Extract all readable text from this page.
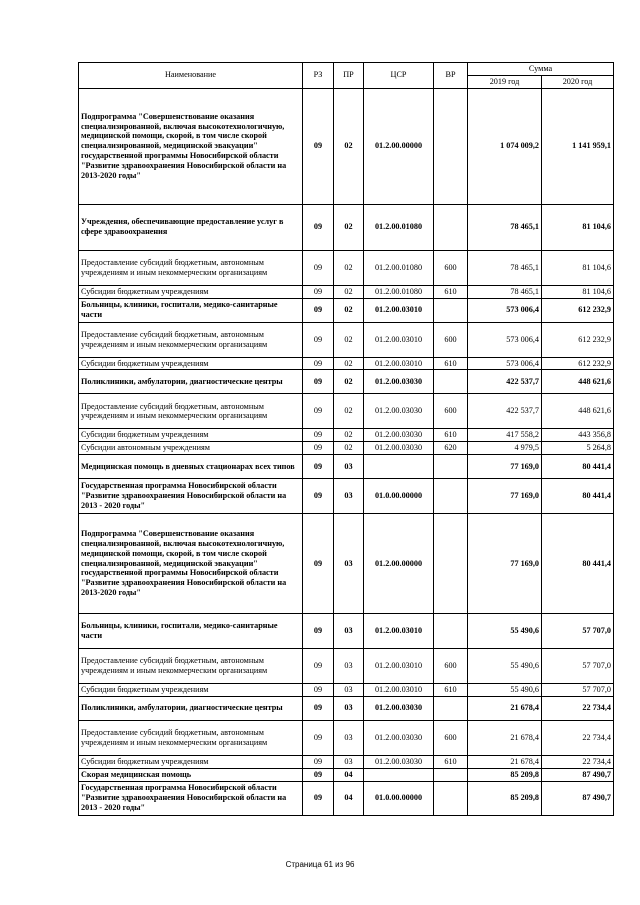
Наименование	РЗ	ПР	ЦСР	ВР	Сумма	
					2019 год	2020 год
Подпрограмма "Совершенствование оказания специализированной, включая высокотехнологичную, медицинской помощи, скорой, в том числе скорой специализированной, медицинской эвакуации" государственной программы Новосибирской области "Развитие здравоохранения Новосибирской области на 2013-2020 годы"	09	02	01.2.00.00000		1 074 009,2	1 141 959,1
Учреждения, обеспечивающие предоставление услуг в сфере здравоохранения	09	02	01.2.00.01080		78 465,1	81 104,6
Предоставление субсидий бюджетным, автономным учреждениям и иным некоммерческим организациям	09	02	01.2.00.01080	600	78 465,1	81 104,6
Субсидии бюджетным учреждениям	09	02	01.2.00.01080	610	78 465,1	81 104,6
Больницы, клиники, госпитали, медико-санитарные части	09	02	01.2.00.03010		573 006,4	612 232,9
Предоставление субсидий бюджетным, автономным учреждениям и иным некоммерческим организациям	09	02	01.2.00.03010	600	573 006,4	612 232,9
Субсидии бюджетным учреждениям	09	02	01.2.00.03010	610	573 006,4	612 232,9
Поликлиники, амбулатории, диагностические центры	09	02	01.2.00.03030		422 537,7	448 621,6
Предоставление субсидий бюджетным, автономным учреждениям и иным некоммерческим организациям	09	02	01.2.00.03030	600	422 537,7	448 621,6
Субсидии бюджетным учреждениям	09	02	01.2.00.03030	610	417 558,2	443 356,8
Субсидии автономным учреждениям	09	02	01.2.00.03030	620	4 979,5	5 264,8
Медицинская помощь в дневных стационарах всех типов	09	03			77 169,0	80 441,4
Государственная программа Новосибирской области "Развитие здравоохранения Новосибирской области на 2013 - 2020 годы"	09	03	01.0.00.00000		77 169,0	80 441,4
Подпрограмма "Совершенствование оказания специализированной, включая высокотехнологичную, медицинской помощи, скорой, в том числе скорой специализированной, медицинской эвакуации" государственной программы Новосибирской области "Развитие здравоохранения Новосибирской области на 2013-2020 годы"	09	03	01.2.00.00000		77 169,0	80 441,4
Больницы, клиники, госпитали, медико-санитарные части	09	03	01.2.00.03010		55 490,6	57 707,0
Предоставление субсидий бюджетным, автономным учреждениям и иным некоммерческим организациям	09	03	01.2.00.03010	600	55 490,6	57 707,0
Субсидии бюджетным учреждениям	09	03	01.2.00.03010	610	55 490,6	57 707,0
Поликлиники, амбулатории, диагностические центры	09	03	01.2.00.03030		21 678,4	22 734,4
Предоставление субсидий бюджетным, автономным учреждениям и иным некоммерческим организациям	09	03	01.2.00.03030	600	21 678,4	22 734,4
Субсидии бюджетным учреждениям	09	03	01.2.00.03030	610	21 678,4	22 734,4
Скорая медицинская помощь	09	04			85 209,8	87 490,7
Государственная программа Новосибирской области "Развитие здравоохранения Новосибирской области на 2013 - 2020 годы"	09	04	01.0.00.00000		85 209,8	87 490,7
Страница 61 из 96
